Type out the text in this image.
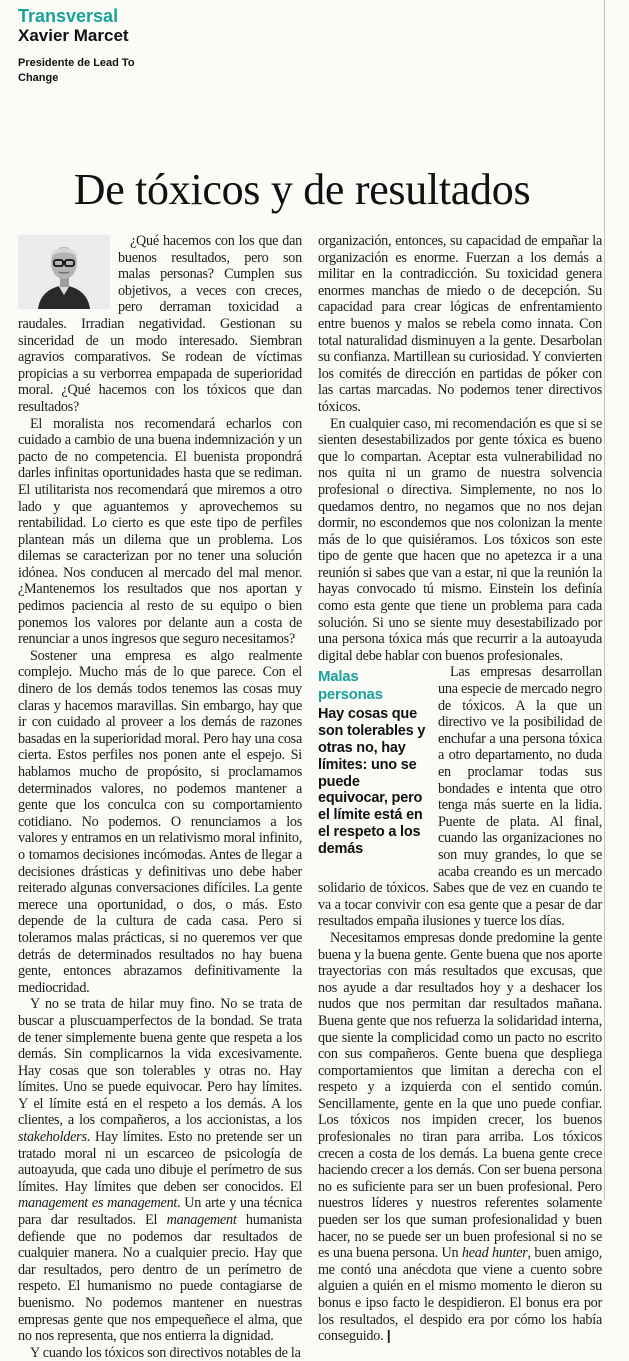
Transversal
Xavier Marcet
Presidente de Lead To Change
De tóxicos y de resultados

¿Qué hacemos con los que dan buenos resultados, pero son malas personas? Cumplen sus objetivos, a veces con creces, pero derraman toxicidad a raudales. Irradian negatividad. Gestionan su sinceridad de un modo interesado. Siembran agravios comparativos. Se rodean de víctimas propicias a su verborrea empapada de superioridad moral. ¿Qué hacemos con los tóxicos que dan resultados?

El moralista nos recomendará echarlos con cuidado a cambio de una buena indemnización y un pacto de no competencia. El buenista propondrá darles infinitas oportunidades hasta que se rediman. El utilitarista nos recomendará que miremos a otro lado y que aguantemos y aprovechemos su rentabilidad. Lo cierto es que este tipo de perfiles plantean más un dilema que un problema. Los dilemas se caracterizan por no tener una solución idónea. Nos conducen al mercado del mal menor. ¿Mantenemos los resultados que nos aportan y pedimos paciencia al resto de su equipo o bien ponemos los valores por delante aun a costa de renunciar a unos ingresos que seguro necesitamos?

Sostener una empresa es algo realmente complejo. Mucho más de lo que parece. Con el dinero de los demás todos tenemos las cosas muy claras y hacemos maravillas. Sin embargo, hay que ir con cuidado al proveer a los demás de razones basadas en la superioridad moral. Pero hay una cosa cierta. Estos perfiles nos ponen ante el espejo. Si hablamos mucho de propósito, si proclamamos determinados valores, no podemos mantener a gente que los conculca con su comportamiento cotidiano. No podemos. O renunciamos a los valores y entramos en un relativismo moral infinito, o tomamos decisiones incómodas. Antes de llegar a decisiones drásticas y definitivas uno debe haber reiterado algunas conversaciones difíciles. La gente merece una oportunidad, o dos, o más. Esto depende de la cultura de cada casa. Pero si toleramos malas prácticas, si no queremos ver que detrás de determinados resultados no hay buena gente, entonces abrazamos definitivamente la mediocridad.

Y no se trata de hilar muy fino. No se trata de buscar a pluscuamperfectos de la bondad. Se trata de tener simplemente buena gente que respeta a los demás. Sin complicarnos la vida excesivamente. Hay cosas que son tolerables y otras no. Hay límites. Uno se puede equivocar. Pero hay límites. Y el límite está en el respeto a los demás. A los clientes, a los compañeros, a los accionistas, a los stakeholders. Hay límites. Esto no pretende ser un tratado moral ni un escarceo de psicología de autoayuda, que cada uno dibuje el perímetro de sus límites. Hay límites que deben ser conocidos. El management es management. Un arte y una técnica para dar resultados. El management humanista defiende que no podemos dar resultados de cualquier manera. No a cualquier precio. Hay que dar resultados, pero dentro de un perímetro de respeto. El humanismo no puede contagiarse de buenismo. No podemos mantener en nuestras empresas gente que nos empequeñece el alma, que no nos representa, que nos entierra la dignidad.

Y cuando los tóxicos son directivos notables de la

organización, entonces, su capacidad de empañar la organización es enorme. Fuerzan a los demás a militar en la contradicción. Su toxicidad genera enormes manchas de miedo o de decepción. Su capacidad para crear lógicas de enfrentamiento entre buenos y malos se rebela como innata. Con total naturalidad disminuyen a la gente. Desarbolan su confianza. Martillean su curiosidad. Y convierten los comités de dirección en partidas de póker con las cartas marcadas. No podemos tener directivos tóxicos.

En cualquier caso, mi recomendación es que si se sienten desestabilizados por gente tóxica es bueno que lo compartan. Aceptar esta vulnerabilidad no nos quita ni un gramo de nuestra solvencia profesional o directiva. Simplemente, no nos lo quedamos dentro, no negamos que no nos dejan dormir, no escondemos que nos colonizan la mente más de lo que quisiéramos. Los tóxicos son este tipo de gente que hacen que no apetezca ir a una reunión si sabes que van a estar, ni que la reunión la hayas convocado tú mismo. Einstein los definía como esta gente que tiene un problema para cada solución. Si uno se siente muy desestabilizado por una persona tóxica más que recurrir a la autoayuda digital debe hablar con buenos profesionales.

Malas personas
Hay cosas que son tolerables y otras no, hay límites: uno se puede equivocar, pero el límite está en el respeto a los demás

Las empresas desarrollan una especie de mercado negro de tóxicos. A la que un directivo ve la posibilidad de enchufar a una persona tóxica a otro departamento, no duda en proclamar todas sus bondades e intenta que otro tenga más suerte en la lidia. Puente de plata. Al final, cuando las organizaciones no son muy grandes, lo que se acaba creando es un mercado solidario de tóxicos. Sabes que de vez en cuando te va a tocar convivir con esa gente que a pesar de dar resultados empaña ilusiones y tuerce los días.

Necesitamos empresas donde predomine la gente buena y la buena gente. Gente buena que nos aporte trayectorias con más resultados que excusas, que nos ayude a dar resultados hoy y a deshacer los nudos que nos permitan dar resultados mañana. Buena gente que nos refuerza la solidaridad interna, que siente la complicidad como un pacto no escrito con sus compañeros. Gente buena que despliega comportamientos que limitan a derecha con el respeto y a izquierda con el sentido común. Sencillamente, gente en la que uno puede confiar. Los tóxicos nos impiden crecer, los buenos profesionales no tiran para arriba. Los tóxicos crecen a costa de los demás. La buena gente crece haciendo crecer a los demás. Con ser buena persona no es suficiente para ser un buen profesional. Pero nuestros líderes y nuestros referentes solamente pueden ser los que suman profesionalidad y buen hacer, no se puede ser un buen profesional si no se es una buena persona. Un head hunter, buen amigo, me contó una anécdota que viene a cuento sobre alguien a quién en el mismo momento le dieron su bonus e ipso facto le despidieron. El bonus era por los resultados, el despido era por cómo los había conseguido. |
